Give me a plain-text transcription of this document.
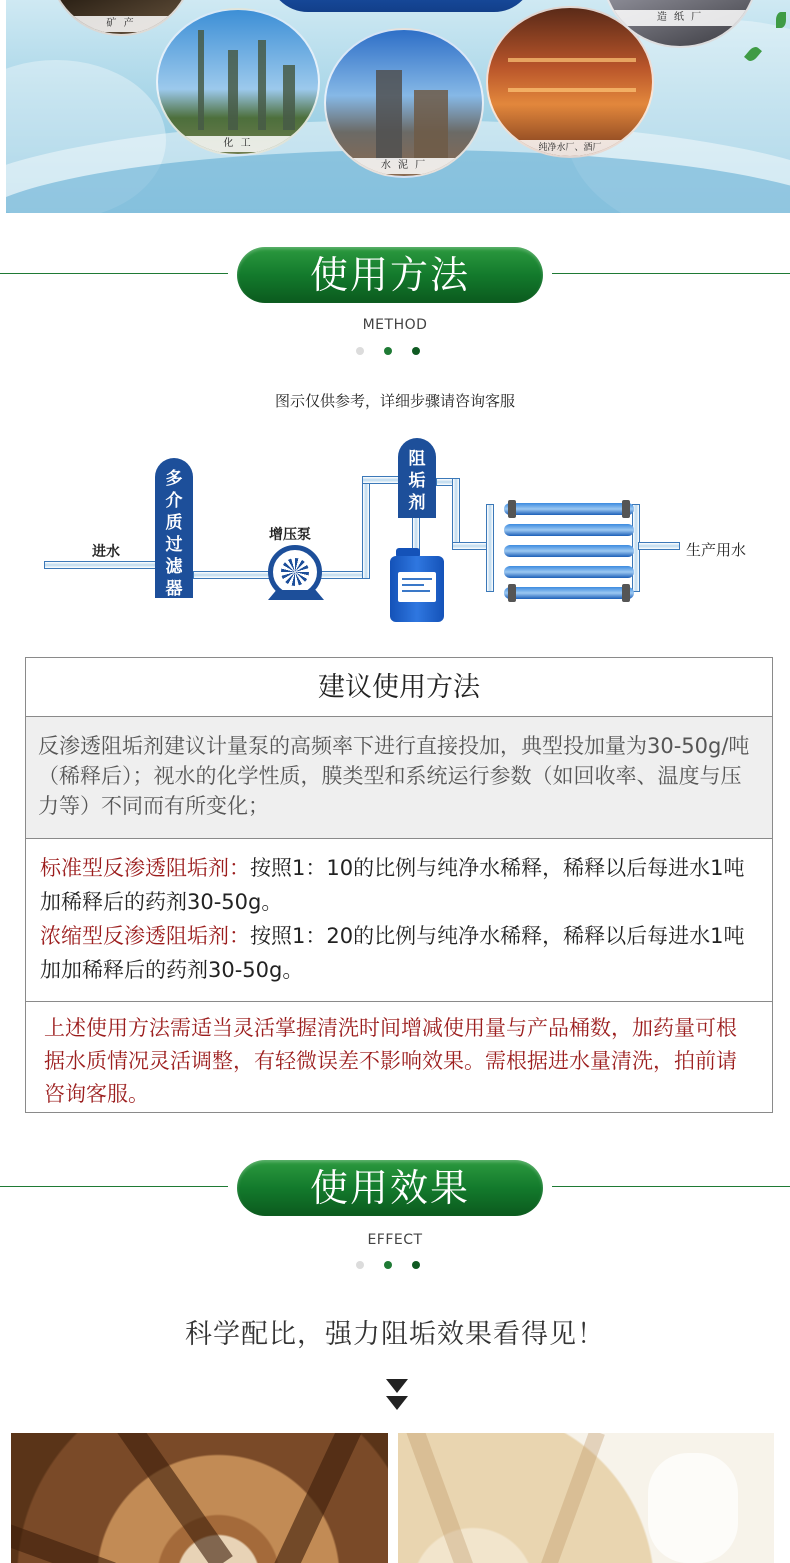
矿 产
化 工
水 泥 厂
纯净水厂、酒厂
造 纸 厂
使用方法
METHOD
图示仅供参考，详细步骤请咨询客服
进水
多介质过滤器
增压泵
阻垢剂
生产用水
建议使用方法
反渗透阻垢剂建议计量泵的高频率下进行直接投加，典型投加量为30-50g/吨（稀释后）；视水的化学性质，膜类型和系统运行参数（如回收率、温度与压力等）不同而有所变化；
标准型反渗透阻垢剂：按照1：10的比例与纯净水稀释，稀释以后每进水1吨加稀释后的药剂30-50g。
浓缩型反渗透阻垢剂：按照1：20的比例与纯净水稀释，稀释以后每进水1吨加加稀释后的药剂30-50g。
上述使用方法需适当灵活掌握清洗时间增减使用量与产品桶数，加药量可根据水质情况灵活调整，有轻微误差不影响效果。需根据进水量清洗，拍前请咨询客服。
使用效果
EFFECT
科学配比，强力阻垢效果看得见！
